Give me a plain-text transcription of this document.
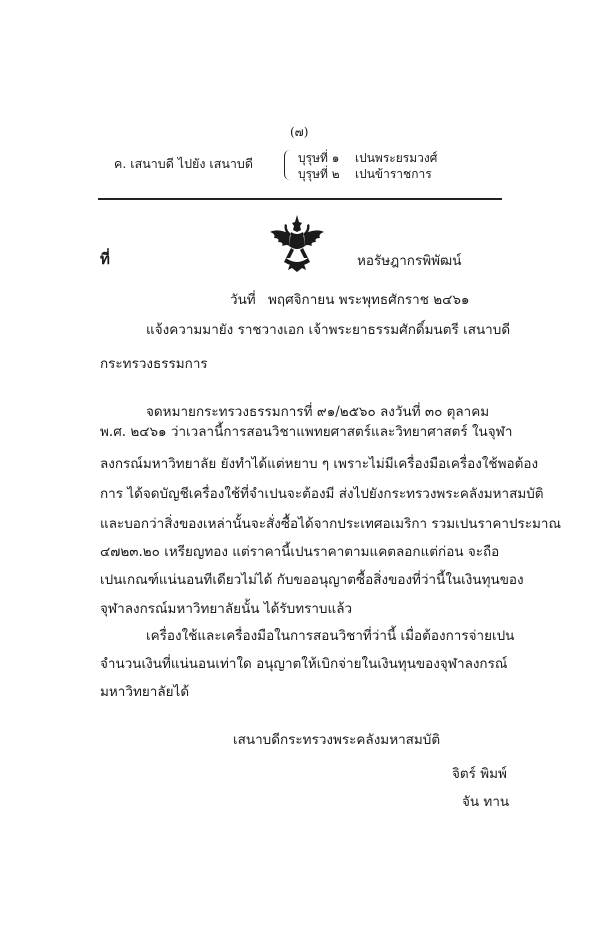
(๗)
ค. เสนาบดี ไปยัง เสนาบดี	บุรุษที่ ๑ เปนพระยรมวงศ์
บุรุษที่ ๒ เปนข้าราชการ
ที่	หอรัษฎากรพิพัฒน์
วันที่ พฤศจิกายน พระพุทธศักราช ๒๔๖๑
แจ้งความมายัง ราชวางเอก เจ้าพระยาธรรมศักดิ์มนตรี เสนาบดี
กระทรวงธรรมการ
จดหมายกระทรวงธรรมการที่ ๙๑/๒๕๖๐ ลงวันที่ ๓๐ ตุลาคม
พ.ศ. ๒๔๖๑ ว่าเวลานี้การสอนวิชาแพทยศาสตร์และวิทยาศาสตร์ ในจุฬา
ลงกรณ์มหาวิทยาลัย ยังทำได้แต่หยาบ ๆ เพราะไม่มีเครื่องมือเครื่องใช้พอต้อง
การ ได้จดบัญชีเครื่องใช้ที่จำเปนจะต้องมี ส่งไปยังกระทรวงพระคลังมหาสมบัติ
และบอกว่าสิ่งของเหล่านั้นจะสั่งซื้อได้จากประเทศอเมริกา รวมเปนราคาประมาณ
๔๗๒๓.๒๐ เหรียญทอง แต่ราคานี้เปนราคาตามแคตลอกแต่ก่อน จะถือ
เปนเกณฑ์แน่นอนทีเดียวไม่ได้ กับขออนุญาตซื้อสิ่งของที่ว่านี้ในเงินทุนของ
จุฬาลงกรณ์มหาวิทยาลัยนั้น ได้รับทราบแล้ว
เครื่องใช้และเครื่องมือในการสอนวิชาที่ว่านี้ เมื่อต้องการจ่ายเปน
จำนวนเงินที่แน่นอนเท่าใด อนุญาตให้เบิกจ่ายในเงินทุนของจุฬาลงกรณ์
มหาวิทยาลัยได้
เสนาบดีกระทรวงพระคลังมหาสมบัติ
จิตร์ พิมพ์
จัน ทาน
